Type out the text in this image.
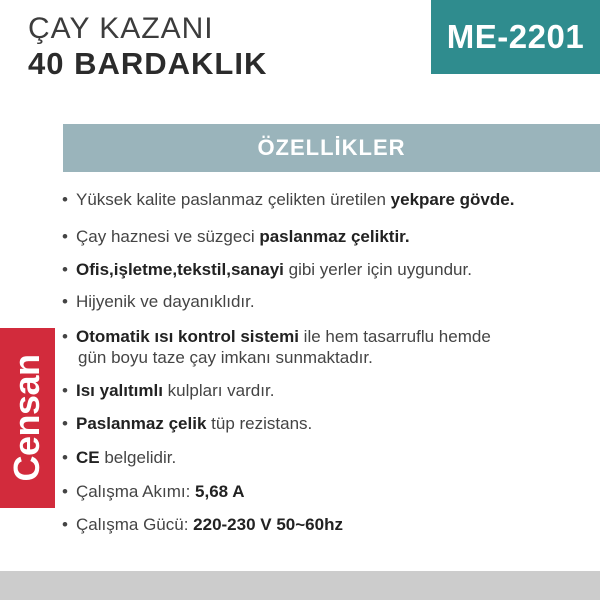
ÇAY KAZANI
40 BARDAKLIK
ME-2201
ÖZELLİKLER
Censan
• Yüksek kalite paslanmaz çelikten üretilen yekpare gövde.
• Çay haznesi ve süzgeci paslanmaz çeliktir.
• Ofis,işletme,tekstil,sanayi gibi yerler için uygundur.
• Hijyenik ve dayanıklıdır.
• Otomatik ısı kontrol sistemi ile hem tasarruflu hemde
gün boyu taze çay imkanı sunmaktadır.
• Isı yalıtımlı kulpları vardır.
• Paslanmaz çelik tüp rezistans.
• CE belgelidir.
• Çalışma Akımı: 5,68 A
• Çalışma Gücü: 220-230 V 50~60hz
